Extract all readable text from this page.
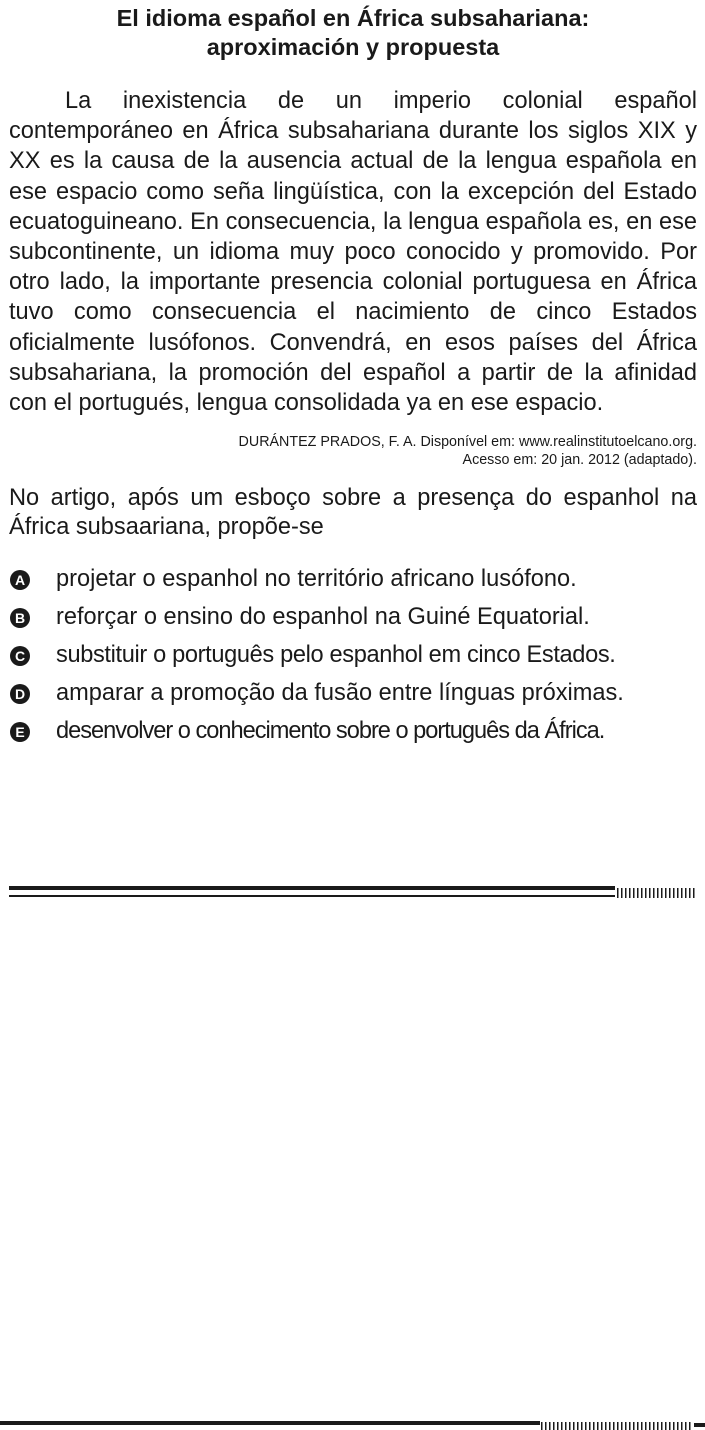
El idioma español en África subsahariana:
aproximación y propuesta

La inexistencia de un imperio colonial español contemporáneo en África subsahariana durante los siglos XIX y XX es la causa de la ausencia actual de la lengua española en ese espacio como seña lingüística, con la excepción del Estado ecuatoguineano. En consecuencia, la lengua española es, en ese subcontinente, un idioma muy poco conocido y promovido. Por otro lado, la importante presencia colonial portuguesa en África tuvo como consecuencia el nacimiento de cinco Estados oficialmente lusófonos. Convendrá, en esos países del África subsahariana, la promoción del español a partir de la afinidad con el portugués, lengua consolidada ya en ese espacio.

DURÁNTEZ PRADOS, F. A. Disponível em: www.realinstitutoelcano.org.
Acesso em: 20 jan. 2012 (adaptado).

No artigo, após um esboço sobre a presença do espanhol na África subsaariana, propõe-se

A projetar o espanhol no território africano lusófono.
B reforçar o ensino do espanhol na Guiné Equatorial.
C substituir o português pelo espanhol em cinco Estados.
D amparar a promoção da fusão entre línguas próximas.
E desenvolver o conhecimento sobre o português da África.
